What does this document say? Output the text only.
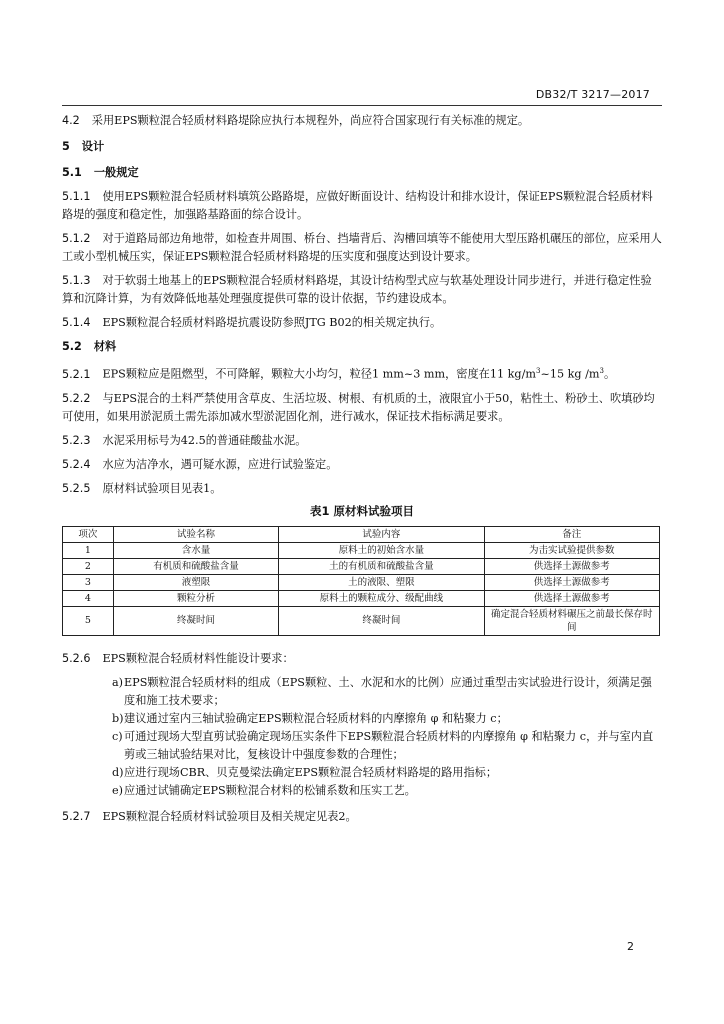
DB32/T 3217—2017

4.2 采用EPS颗粒混合轻质材料路堤除应执行本规程外，尚应符合国家现行有关标准的规定。

5 设计

5.1 一般规定

5.1.1 使用EPS颗粒混合轻质材料填筑公路路堤，应做好断面设计、结构设计和排水设计，保证EPS颗粒混合轻质材料路堤的强度和稳定性，加强路基路面的综合设计。

5.1.2 对于道路局部边角地带，如检查井周围、桥台、挡墙背后、沟槽回填等不能使用大型压路机碾压的部位，应采用人工或小型机械压实，保证EPS颗粒混合轻质材料路堤的压实度和强度达到设计要求。

5.1.3 对于软弱土地基上的EPS颗粒混合轻质材料路堤，其设计结构型式应与软基处理设计同步进行，并进行稳定性验算和沉降计算，为有效降低地基处理强度提供可靠的设计依据，节约建设成本。

5.1.4 EPS颗粒混合轻质材料路堤抗震设防参照JTG B02的相关规定执行。

5.2 材料

5.2.1 EPS颗粒应是阻燃型，不可降解，颗粒大小均匀，粒径1 mm~3 mm，密度在11 $kg/m^3\sim 15$ kg $/m^3$。

5.2.2 与EPS混合的土料严禁使用含草皮、生活垃圾、树根、有机质的土，液限宜小于50，粘性土、粉砂土、吹填砂均可使用，如果用淤泥质土需先添加减水型淤泥固化剂，进行减水，保证技术指标满足要求。

5.2.3 水泥采用标号为42.5的普通硅酸盐水泥。

5.2.4 水应为洁净水，遇可疑水源，应进行试验鉴定。

5.2.5 原材料试验项目见表1。

表1 原材料试验项目
项次	试验名称	试验内容	备注
1	含水量	原料土的初始含水量	为击实试验提供参数
2	有机质和硫酸盐含量	土的有机质和硫酸盐含量	供选择土源做参考
3	液塑限	土的液限、塑限	供选择土源做参考
4	颗粒分析	原料土的颗粒成分、级配曲线	供选择土源做参考
5	终凝时间	终凝时间	确定混合轻质材料碾压之前最长保存时间

5.2.6 EPS颗粒混合轻质材料性能设计要求：

a) EPS颗粒混合轻质材料的组成（EPS颗粒、土、水泥和水的比例）应通过重型击实试验进行设计，须满足强度和施工技术要求；
b) 建议通过室内三轴试验确定EPS颗粒混合轻质材料的内摩擦角 φ 和粘聚力 c；
c) 可通过现场大型直剪试验确定现场压实条件下EPS颗粒混合轻质材料的内摩擦角 φ 和粘聚力 c，并与室内直剪或三轴试验结果对比，复核设计中强度参数的合理性；
d) 应进行现场CBR、贝克曼梁法确定EPS颗粒混合轻质材料路堤的路用指标；
e) 应通过试铺确定EPS颗粒混合材料的松铺系数和压实工艺。

5.2.7 EPS颗粒混合轻质材料试验项目及相关规定见表2。

2
